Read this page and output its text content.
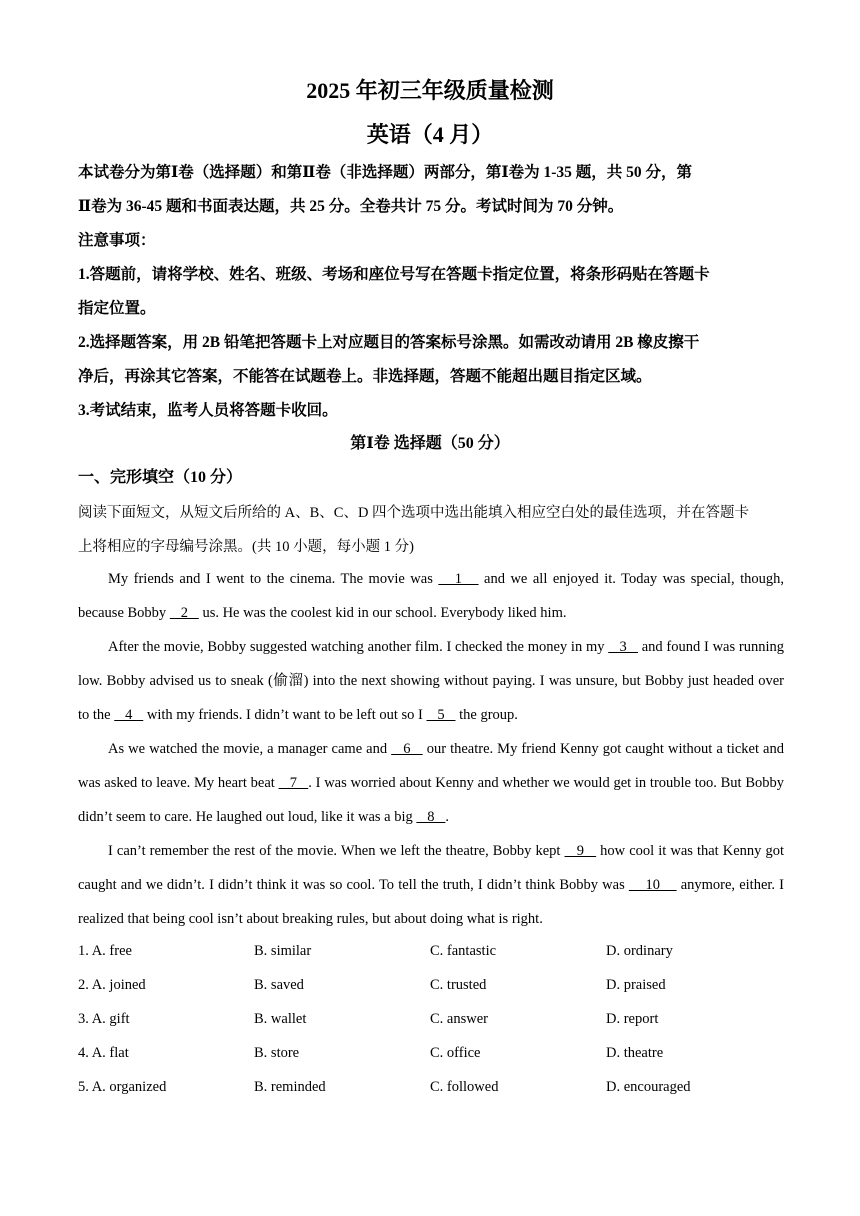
2025 年初三年级质量检测
英语（4 月）
本试卷分为第Ⅰ卷（选择题）和第Ⅱ卷（非选择题）两部分，第Ⅰ卷为 1-35 题，共 50 分，第
Ⅱ卷为 36-45 题和书面表达题，共 25 分。全卷共计 75 分。考试时间为 70 分钟。
注意事项：
1.答题前，请将学校、姓名、班级、考场和座位号写在答题卡指定位置，将条形码贴在答题卡
指定位置。
2.选择题答案，用 2B 铅笔把答题卡上对应题目的答案标号涂黑。如需改动请用 2B 橡皮擦干
净后，再涂其它答案，不能答在试题卷上。非选择题，答题不能超出题目指定区域。
3.考试结束，监考人员将答题卡收回。
第Ⅰ卷 选择题（50 分）
一、完形填空（10 分）
阅读下面短文，从短文后所给的 A、B、C、D 四个选项中选出能填入相应空白处的最佳选项，并在答题卡
上将相应的字母编号涂黑。(共 10 小题，每小题 1 分)

My friends and I went to the cinema. The movie was    1    and we all enjoyed it. Today was special, though, because Bobby    2    us. He was the coolest kid in our school. Everybody liked him.

After the movie, Bobby suggested watching another film. I checked the money in my    3    and found I was running low. Bobby advised us to sneak (偷溜) into the next showing without paying. I was unsure, but Bobby just headed over to the    4    with my friends. I didn’t want to be left out so I    5    the group.

As we watched the movie, a manager came and    6    our theatre. My friend Kenny got caught without a ticket and was asked to leave. My heart beat    7   . I was worried about Kenny and whether we would get in trouble too. But Bobby didn’t seem to care. He laughed out loud, like it was a big    8   .

I can’t remember the rest of the movie. When we left the theatre, Bobby kept    9    how cool it was that Kenny got caught and we didn’t. I didn’t think it was so cool. To tell the truth, I didn’t think Bobby was     10     anymore, either. I realized that being cool isn’t about breaking rules, but about doing what is right.

1. A. free	B. similar	C. fantastic	D. ordinary
2. A. joined	B. saved	C. trusted	D. praised
3. A. gift	B. wallet	C. answer	D. report
4. A. flat	B. store	C. office	D. theatre
5. A. organized	B. reminded	C. followed	D. encouraged
